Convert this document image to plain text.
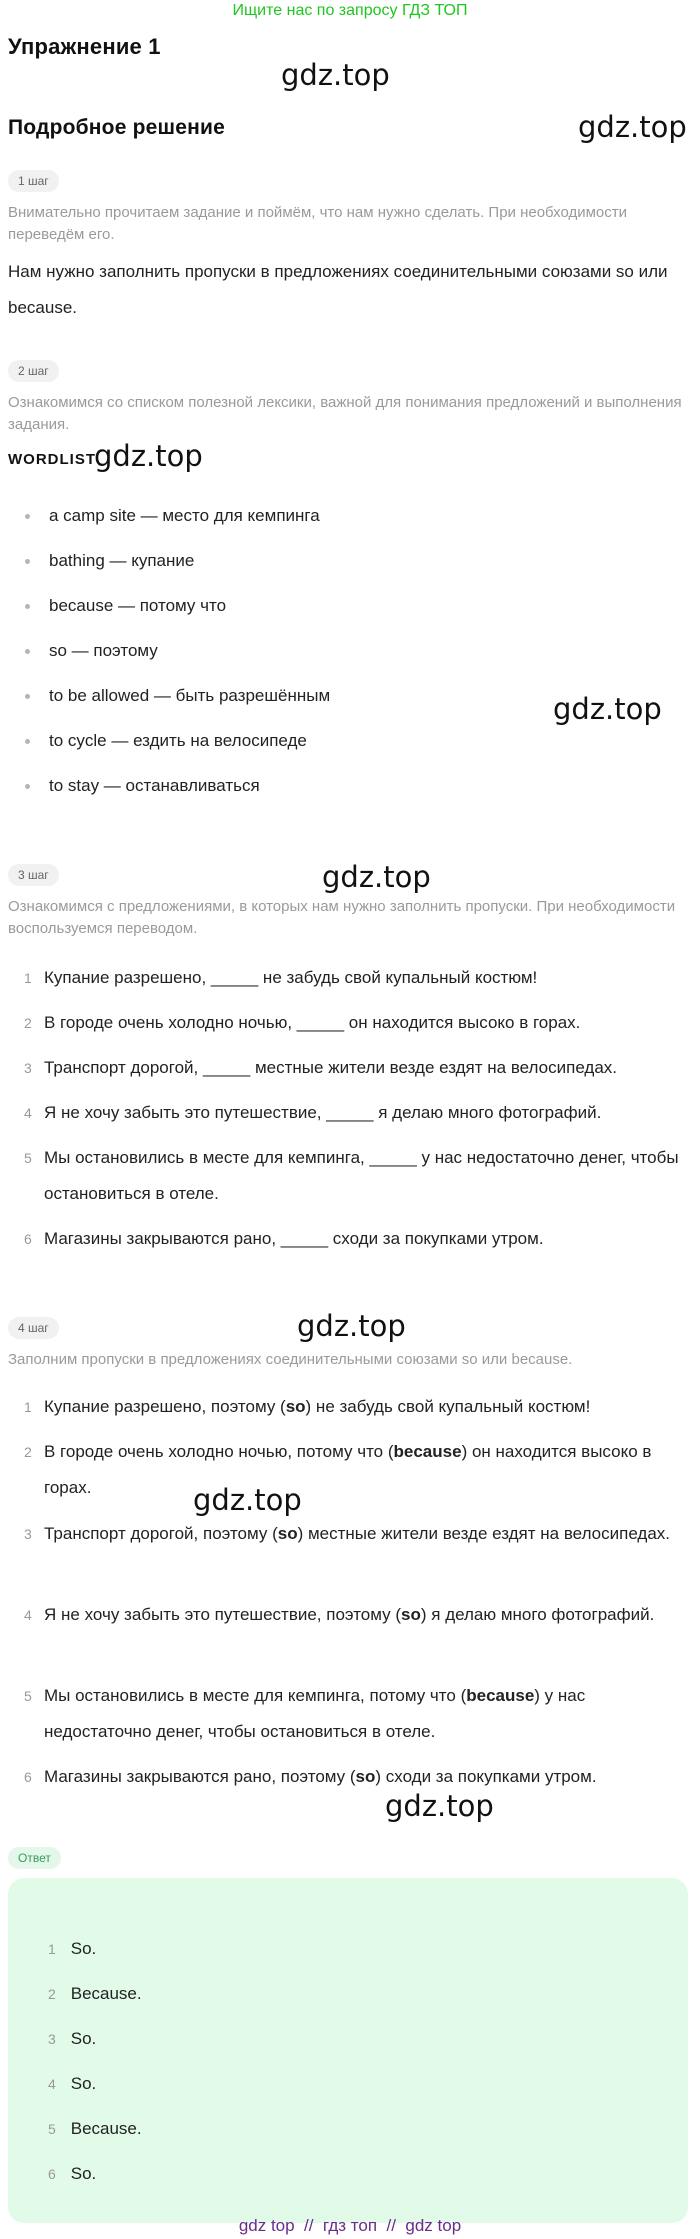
Ищите нас по запросу ГДЗ ТОП
Упражнение 1
Подробное решение
gdz.top
gdz.top
gdz.top
gdz.top
gdz.top
gdz.top
gdz.top
gdz.top
1 шаг
Внимательно прочитаем задание и поймём, что нам нужно сделать. При необходимости переведём его.
Нам нужно заполнить пропуски в предложениях соединительными союзами so или because.
2 шаг
Ознакомимся со списком полезной лексики, важной для понимания предложений и выполнения задания.
WORDLIST
a camp site — место для кемпинга
bathing — купание
because — потому что
so — поэтому
to be allowed — быть разрешённым
to cycle — ездить на велосипеде
to stay — останавливаться
3 шаг
Ознакомимся с предложениями, в которых нам нужно заполнить пропуски. При необходимости воспользуемся переводом.
1 Купание разрешено, _____ не забудь свой купальный костюм!
2 В городе очень холодно ночью, _____ он находится высоко в горах.
3 Транспорт дорогой, _____ местные жители везде ездят на велосипедах.
4 Я не хочу забыть это путешествие, _____ я делаю много фотографий.
5 Мы остановились в месте для кемпинга, _____ у нас недостаточно денег, чтобы остановиться в отеле.
6 Магазины закрываются рано, _____ сходи за покупками утром.
4 шаг
Заполним пропуски в предложениях соединительными союзами so или because.
1 Купание разрешено, поэтому (so) не забудь свой купальный костюм!
2 В городе очень холодно ночью, потому что (because) он находится высоко в горах.
3 Транспорт дорогой, поэтому (so) местные жители везде ездят на велосипедах.
4 Я не хочу забыть это путешествие, поэтому (so) я делаю много фотографий.
5 Мы остановились в месте для кемпинга, потому что (because) у нас недостаточно денег, чтобы остановиться в отеле.
6 Магазины закрываются рано, поэтому (so) сходи за покупками утром.
Ответ
1 So.
2 Because.
3 So.
4 So.
5 Because.
6 So.
gdz top  //  гдз топ  //  gdz top
